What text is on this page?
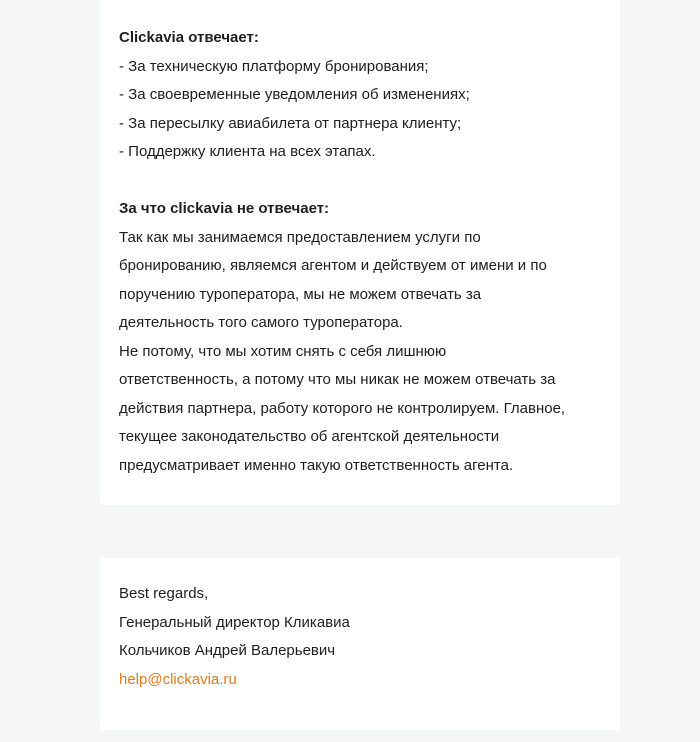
Clickavia отвечает:
- За техническую платформу бронирования;
- За своевременные уведомления об изменениях;
- За пересылку авиабилета от партнера клиенту;
- Поддержку клиента на всех этапах.
За что clickavia не отвечает:
Так как мы занимаемся предоставлением услуги по
бронированию, являемся агентом и действуем от имени и по
поручению туроператора, мы не можем отвечать за
деятельность того самого туроператора.
Не потому, что мы хотим снять с себя лишнюю
ответственность, а потому что мы никак не можем отвечать за
действия партнера, работу которого не контролируем. Главное,
текущее законодательство об агентской деятельности
предусматривает именно такую ответственность агента.
Best regards,
Генеральный директор Кликавиа
Кольчиков Андрей Валерьевич
help@clickavia.ru
